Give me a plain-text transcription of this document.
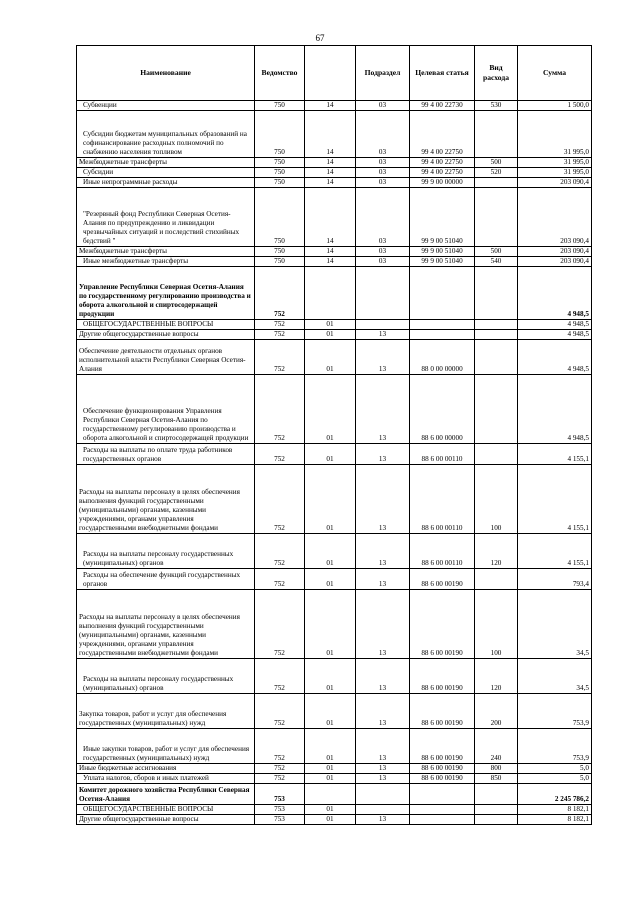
67
Наименование	Ведомство		Подраздел	Целевая статья	Вид расхода	Сумма
Субвенции	750	14	03	99 4 00 22730	530	1 500,0
Субсидии бюджетам муниципальных образований на софинансирование расходных полномочий по снабжению населения топливом	750	14	03	99 4 00 22750		31 995,0
Межбюджетные трансферты	750	14	03	99 4 00 22750	500	31 995,0
Субсидии	750	14	03	99 4 00 22750	520	31 995,0
Иные непрограммные расходы	750	14	03	99 9 00 00000		203 090,4
"Резервный фонд Республики Северная Осетия-Алания по предупреждению и ликвидации чрезвычайных ситуаций и последствий стихийных бедствий "	750	14	03	99 9 00 51040		203 090,4
Межбюджетные трансферты	750	14	03	99 9 00 51040	500	203 090,4
Иные межбюджетные трансферты	750	14	03	99 9 00 51040	540	203 090,4
Управление Республики Северная Осетия-Алания по государственному регулированию производства и оборота алкогольной и спиртосодержащей продукции	752					4 948,5
ОБЩЕГОСУДАРСТВЕННЫЕ ВОПРОСЫ	752	01				4 948,5
Другие общегосударственные вопросы	752	01	13			4 948,5
Обеспечение деятельности отдельных органов исполнительной власти Республики Северная Осетия-Алания	752	01	13	88 0 00 00000		4 948,5
Обеспечение функционирования Управления Республики Северная Осетия-Алания по государственному регулированию производства и оборота алкогольной и спиртосодержащей продукции	752	01	13	88 6 00 00000		4 948,5
Расходы на выплаты по оплате труда работников государственных органов	752	01	13	88 6 00 00110		4 155,1
Расходы на выплаты персоналу в целях обеспечения выполнения функций государственными (муниципальными) органами, казенными учреждениями, органами управления государственными внебюджетными фондами	752	01	13	88 6 00 00110	100	4 155,1
Расходы на выплаты персоналу государственных (муниципальных) органов	752	01	13	88 6 00 00110	120	4 155,1
Расходы на обеспечение функций государственных органов	752	01	13	88 6 00 00190		793,4
Расходы на выплаты персоналу в целях обеспечения выполнения функций государственными (муниципальными) органами, казенными учреждениями, органами управления государственными внебюджетными фондами	752	01	13	88 6 00 00190	100	34,5
Расходы на выплаты персоналу государственных (муниципальных) органов	752	01	13	88 6 00 00190	120	34,5
Закупка товаров, работ и услуг для обеспечения государственных (муниципальных) нужд	752	01	13	88 6 00 00190	200	753,9
Иные закупки товаров, работ и услуг для обеспечения государственных (муниципальных) нужд	752	01	13	88 6 00 00190	240	753,9
Иные бюджетные ассигнования	752	01	13	88 6 00 00190	800	5,0
Уплата налогов, сборов и иных платежей	752	01	13	88 6 00 00190	850	5,0
Комитет дорожного хозяйства Республики Северная Осетия-Алания	753					2 245 786,2
ОБЩЕГОСУДАРСТВЕННЫЕ ВОПРОСЫ	753	01				8 182,1
Другие общегосударственные вопросы	753	01	13			8 182,1
